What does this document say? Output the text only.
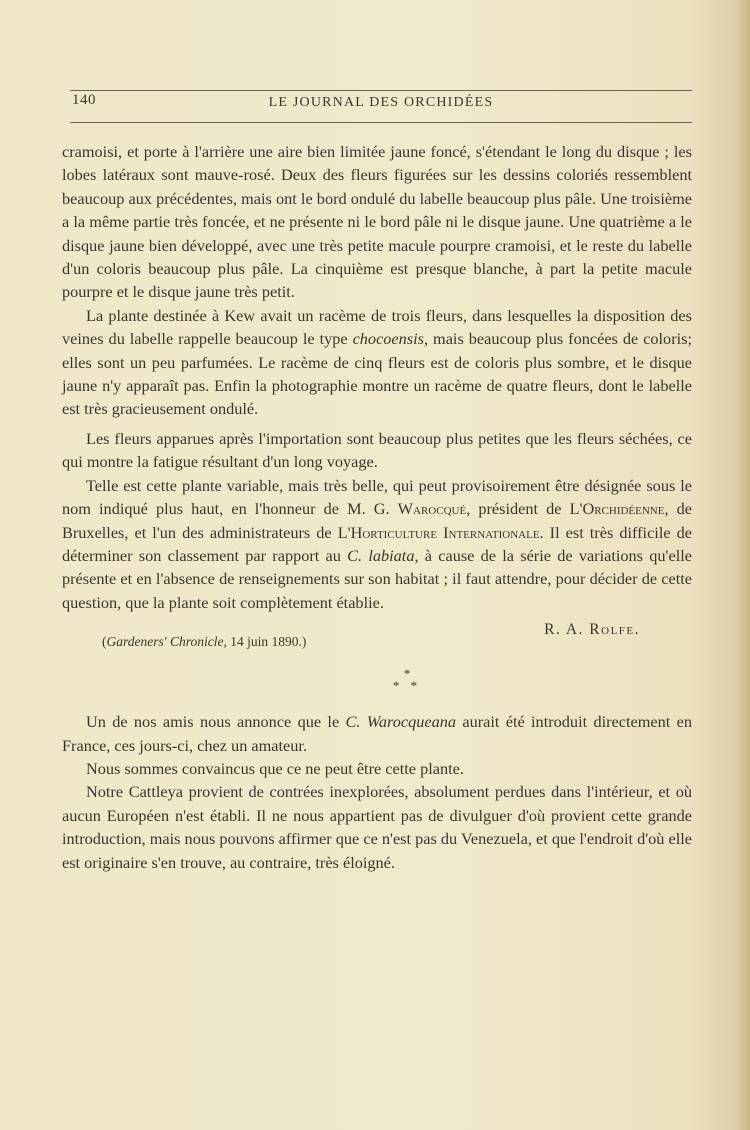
140	LE JOURNAL DES ORCHIDÉES

cramoisi, et porte à l'arrière une aire bien limitée jaune foncé, s'étendant le long du disque ; les lobes latéraux sont mauve-rosé. Deux des fleurs figurées sur les dessins coloriés ressemblent beaucoup aux précédentes, mais ont le bord ondulé du labelle beaucoup plus pâle. Une troisième a la même partie très foncée, et ne présente ni le bord pâle ni le disque jaune. Une quatrième a le disque jaune bien développé, avec une très petite macule pourpre cramoisi, et le reste du labelle d'un coloris beaucoup plus pâle. La cinquième est presque blanche, à part la petite macule pourpre et le disque jaune très petit.

La plante destinée à Kew avait un racème de trois fleurs, dans lesquelles la disposition des veines du labelle rappelle beaucoup le type chocoensis, mais beaucoup plus foncées de coloris; elles sont un peu parfumées. Le racème de cinq fleurs est de coloris plus sombre, et le disque jaune n'y apparaît pas. Enfin la photographie montre un racème de quatre fleurs, dont le labelle est très gracieusement ondulé.

Les fleurs apparues après l'importation sont beaucoup plus petites que les fleurs séchées, ce qui montre la fatigue résultant d'un long voyage.

Telle est cette plante variable, mais très belle, qui peut provisoirement être désignée sous le nom indiqué plus haut, en l'honneur de M. G. Warocqué, président de L'Orchidéenne, de Bruxelles, et l'un des administrateurs de L'Horticulture Internationale. Il est très difficile de déterminer son classement par rapport au C. labiata, à cause de la série de variations qu'elle présente et en l'absence de renseignements sur son habitat ; il faut attendre, pour décider de cette question, que la plante soit complètement établie.

(Gardeners' Chronicle, 14 juin 1890.)
R. A. Rolfe.
*
* *

Un de nos amis nous annonce que le C. Warocqueana aurait été introduit directement en France, ces jours-ci, chez un amateur.

Nous sommes convaincus que ce ne peut être cette plante.

Notre Cattleya provient de contrées inexplorées, absolument perdues dans l'intérieur, et où aucun Européen n'est établi. Il ne nous appartient pas de divulguer d'où provient cette grande introduction, mais nous pouvons affirmer que ce n'est pas du Venezuela, et que l'endroit d'où elle est originaire s'en trouve, au contraire, très éloigné.
